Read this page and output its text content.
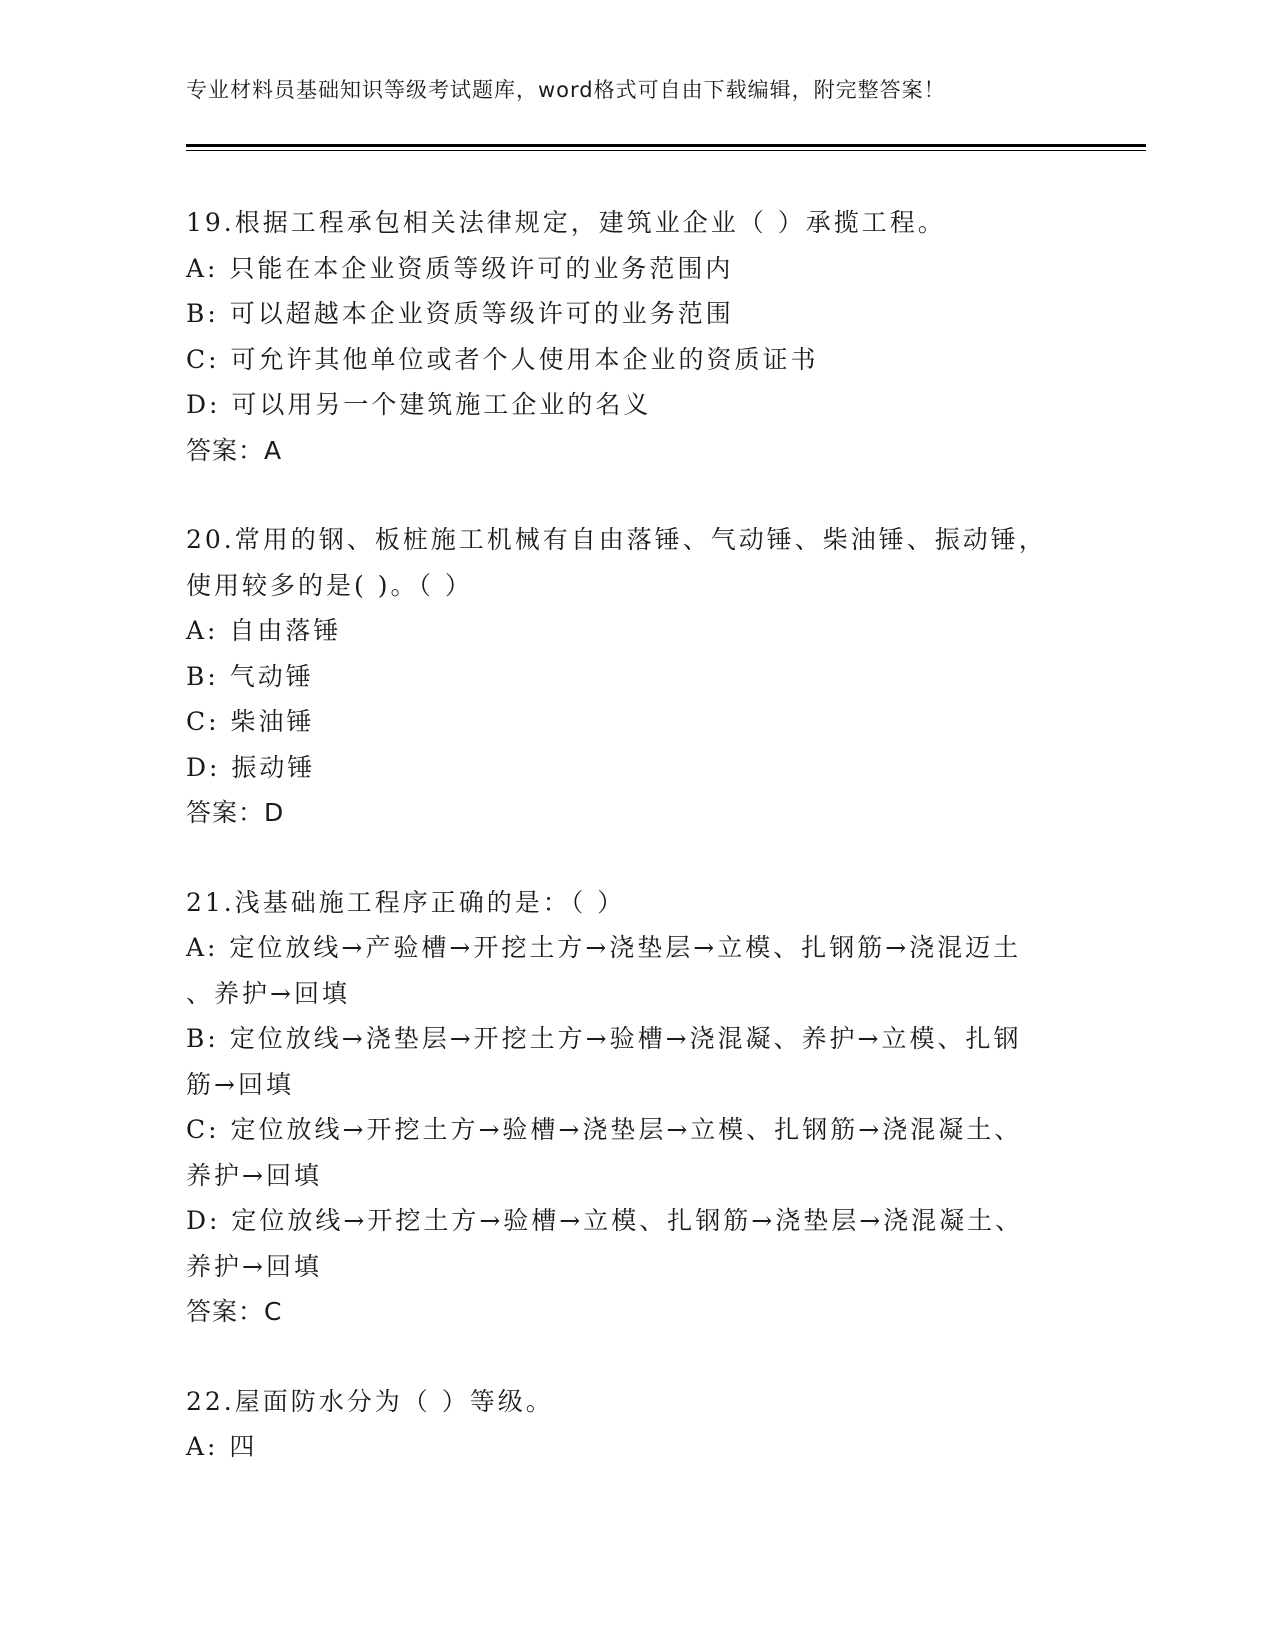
专业材料员基础知识等级考试题库，word格式可自由下载编辑，附完整答案！
19.根据工程承包相关法律规定，建筑业企业（ ）承揽工程。
A: 只能在本企业资质等级许可的业务范围内
B: 可以超越本企业资质等级许可的业务范围
C: 可允许其他单位或者个人使用本企业的资质证书
D: 可以用另一个建筑施工企业的名义
答案：A
20.常用的钢、板桩施工机械有自由落锤、气动锤、柴油锤、振动锤，
使用较多的是( )。（ ）
A: 自由落锤
B: 气动锤
C: 柴油锤
D: 振动锤
答案：D
21.浅基础施工程序正确的是：（ ）
A: 定位放线→产验槽→开挖土方→浇垫层→立模、扎钢筋→浇混迈土
、养护→回填
B: 定位放线→浇垫层→开挖土方→验槽→浇混凝、养护→立模、扎钢
筋→回填
C: 定位放线→开挖土方→验槽→浇垫层→立模、扎钢筋→浇混凝土、
养护→回填
D: 定位放线→开挖土方→验槽→立模、扎钢筋→浇垫层→浇混凝土、
养护→回填
答案：C
22.屋面防水分为（ ）等级。
A: 四
